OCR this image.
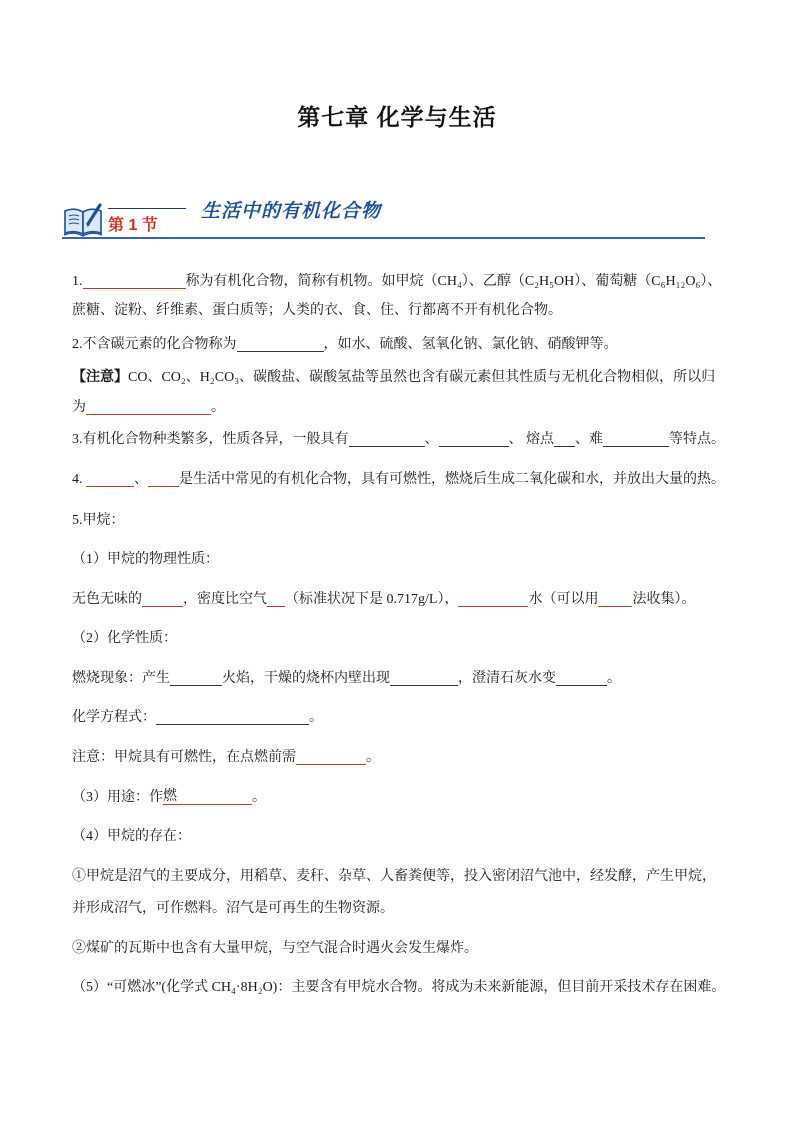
第七章 化学与生活
第 1 节
生活中的有机化合物
1.	称为有机化合物，简称有机物。如甲烷（CH₄）、乙醇（C₂H₅OH）、葡萄糖（C₆H₁₂O₆）、
蔗糖、淀粉、纤维素、蛋白质等；人类的衣、食、住、行都离不开有机化合物。
2.不含碳元素的化合物称为	，如水、硫酸、氢氧化钠、氯化钠、硝酸钾等。
【注意】CO、CO₂、H₂CO₃、碳酸盐、碳酸氢盐等虽然也含有碳元素但其性质与无机化合物相似，所以归
为	。
3.有机化合物种类繁多，性质各异，一般具有	、	、 熔点 、难	等特点。
4.	、 是生活中常见的有机化合物，具有可燃性，燃烧后生成二氧化碳和水，并放出大量的热。
5.甲烷：
（1）甲烷的物理性质：
无色无味的	，密度比空气 （标准状况下是 0.717g/L），	水（可以用 法收集）。
（2）化学性质：
燃烧现象：产生	火焰，干燥的烧杯内壁出现	，澄清石灰水变	。
化学方程式：	。
注意：甲烷具有可燃性，在点燃前需	。
（3）用途：作燃	。
（4）甲烷的存在：
①甲烷是沼气的主要成分，用稻草、麦秆、杂草、人畜粪便等，投入密闭沼气池中，经发酵，产生甲烷，
并形成沼气，可作燃料。沼气是可再生的生物资源。
②煤矿的瓦斯中也含有大量甲烷，与空气混合时遇火会发生爆炸。
（5）“可燃冰”(化学式 CH₄·8H₂O)：主要含有甲烷水合物。将成为未来新能源，但目前开采技术存在困难。
